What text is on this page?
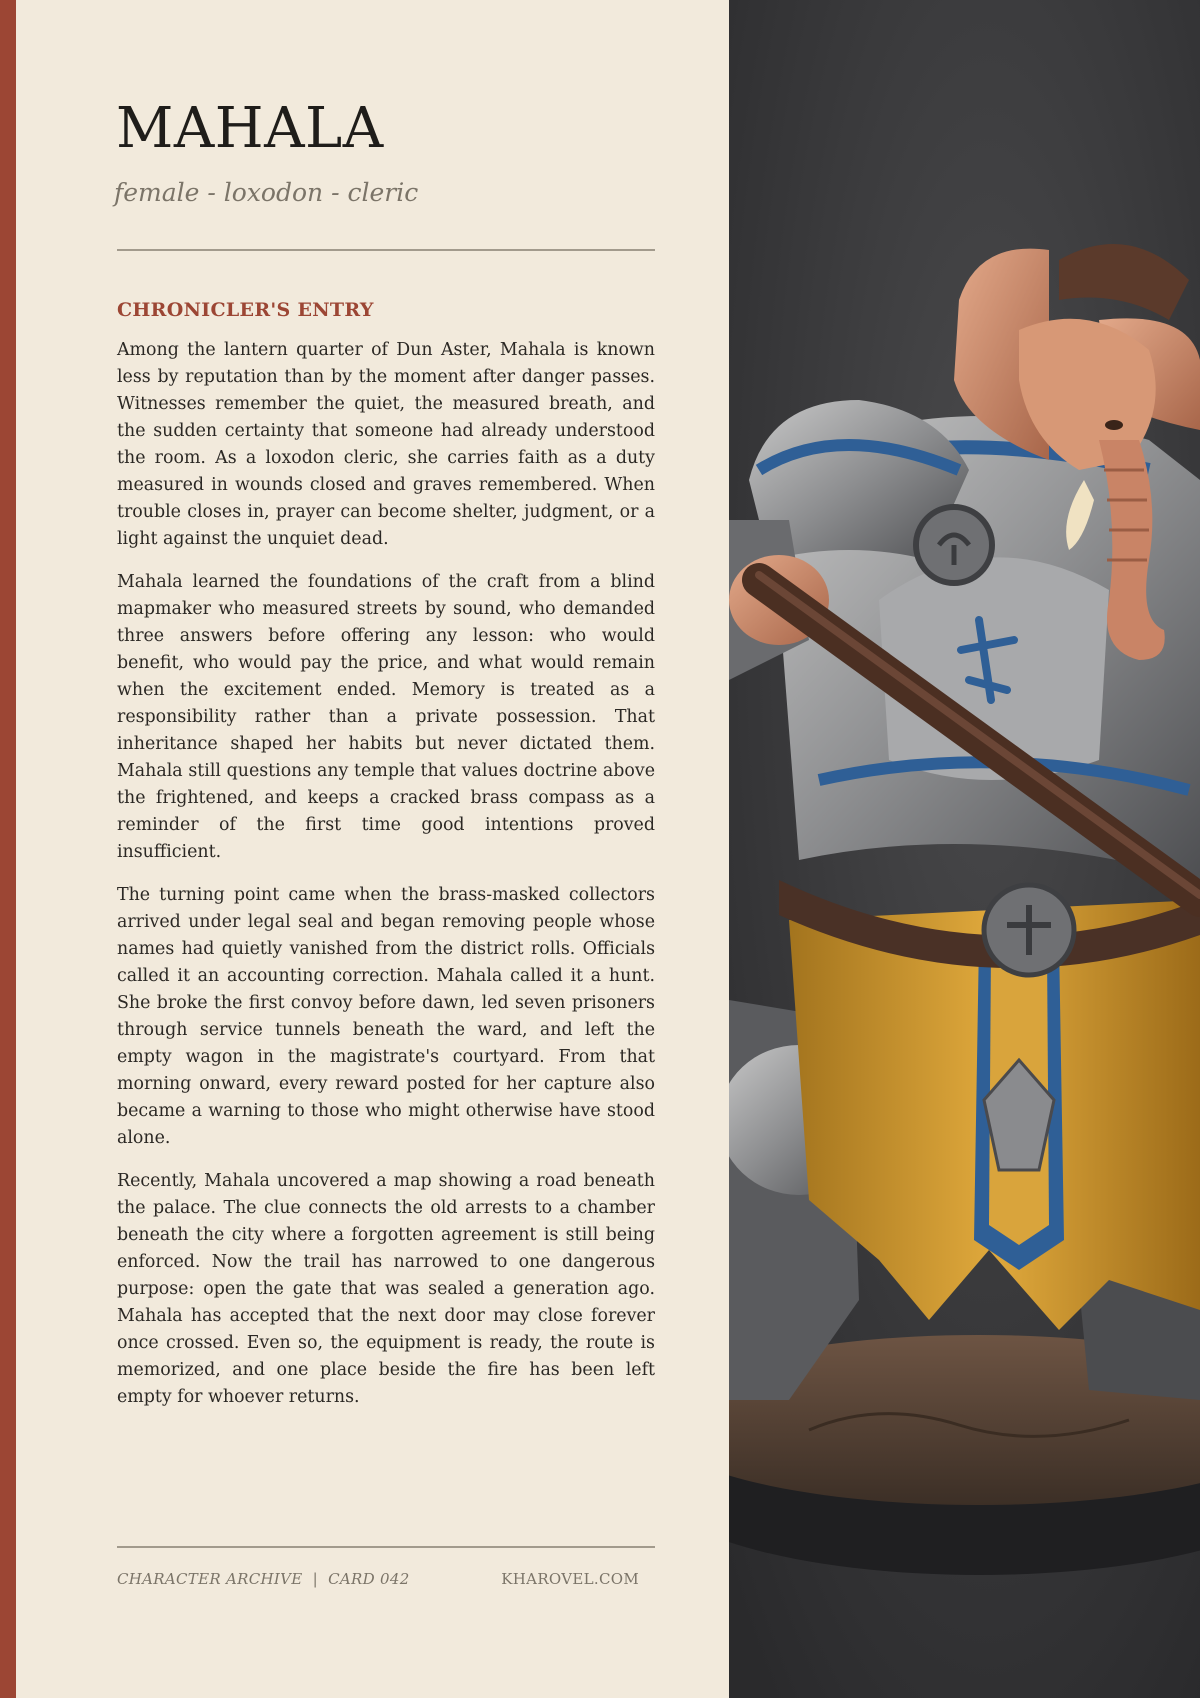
MAHALA
female - loxodon - cleric
CHRONICLER'S ENTRY

Among the lantern quarter of Dun Aster, Mahala is known less by reputation than by the moment after danger passes. Witnesses remember the quiet, the measured breath, and the sudden certainty that someone had already understood the room. As a loxodon cleric, she carries faith as a duty measured in wounds closed and graves remembered. When trouble closes in, prayer can become shelter, judgment, or a light against the unquiet dead.

Mahala learned the foundations of the craft from a blind mapmaker who measured streets by sound, who demanded three answers before offering any lesson: who would benefit, who would pay the price, and what would remain when the excitement ended. Memory is treated as a responsibility rather than a private possession. That inheritance shaped her habits but never dictated them. Mahala still questions any temple that values doctrine above the frightened, and keeps a cracked brass compass as a reminder of the first time good intentions proved insufficient.

The turning point came when the brass-masked collectors arrived under legal seal and began removing people whose names had quietly vanished from the district rolls. Officials called it an accounting correction. Mahala called it a hunt. She broke the first convoy before dawn, led seven prisoners through service tunnels beneath the ward, and left the empty wagon in the magistrate's courtyard. From that morning onward, every reward posted for her capture also became a warning to those who might otherwise have stood alone.

Recently, Mahala uncovered a map showing a road beneath the palace. The clue connects the old arrests to a chamber beneath the city where a forgotten agreement is still being enforced. Now the trail has narrowed to one dangerous purpose: open the gate that was sealed a generation ago. Mahala has accepted that the next door may close forever once crossed. Even so, the equipment is ready, the route is memorized, and one place beside the fire has been left empty for whoever returns.

CHARACTER ARCHIVE  |  CARD 042	KHAROVEL.COM
